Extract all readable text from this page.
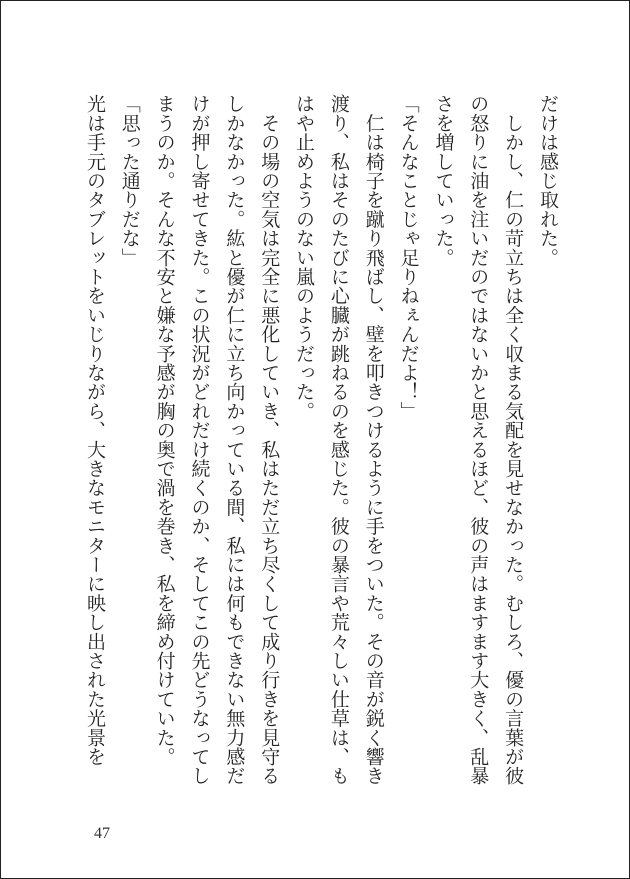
だけは感じ取れた。
　しかし、仁の苛立ちは全く収まる気配を見せなかった。むしろ、優の言葉が彼
の怒りに油を注いだのではないかと思えるほど、彼の声はますます大きく、乱暴
さを増していった。
「そんなことじゃ足りねぇんだよ！」
　仁は椅子を蹴り飛ばし、壁を叩きつけるように手をついた。その音が鋭く響き
渡り、私はそのたびに心臓が跳ねるのを感じた。彼の暴言や荒々しい仕草は、も
はや止めようのない嵐のようだった。
　その場の空気は完全に悪化していき、私はただ立ち尽くして成り行きを見守る
しかなかった。紘と優が仁に立ち向かっている間、私には何もできない無力感だ
けが押し寄せてきた。この状況がどれだけ続くのか、そしてこの先どうなってし
まうのか。そんな不安と嫌な予感が胸の奥で渦を巻き、私を締め付けていた。
「思った通りだな」
光は手元のタブレットをいじりながら、大きなモニターに映し出された光景を
47
